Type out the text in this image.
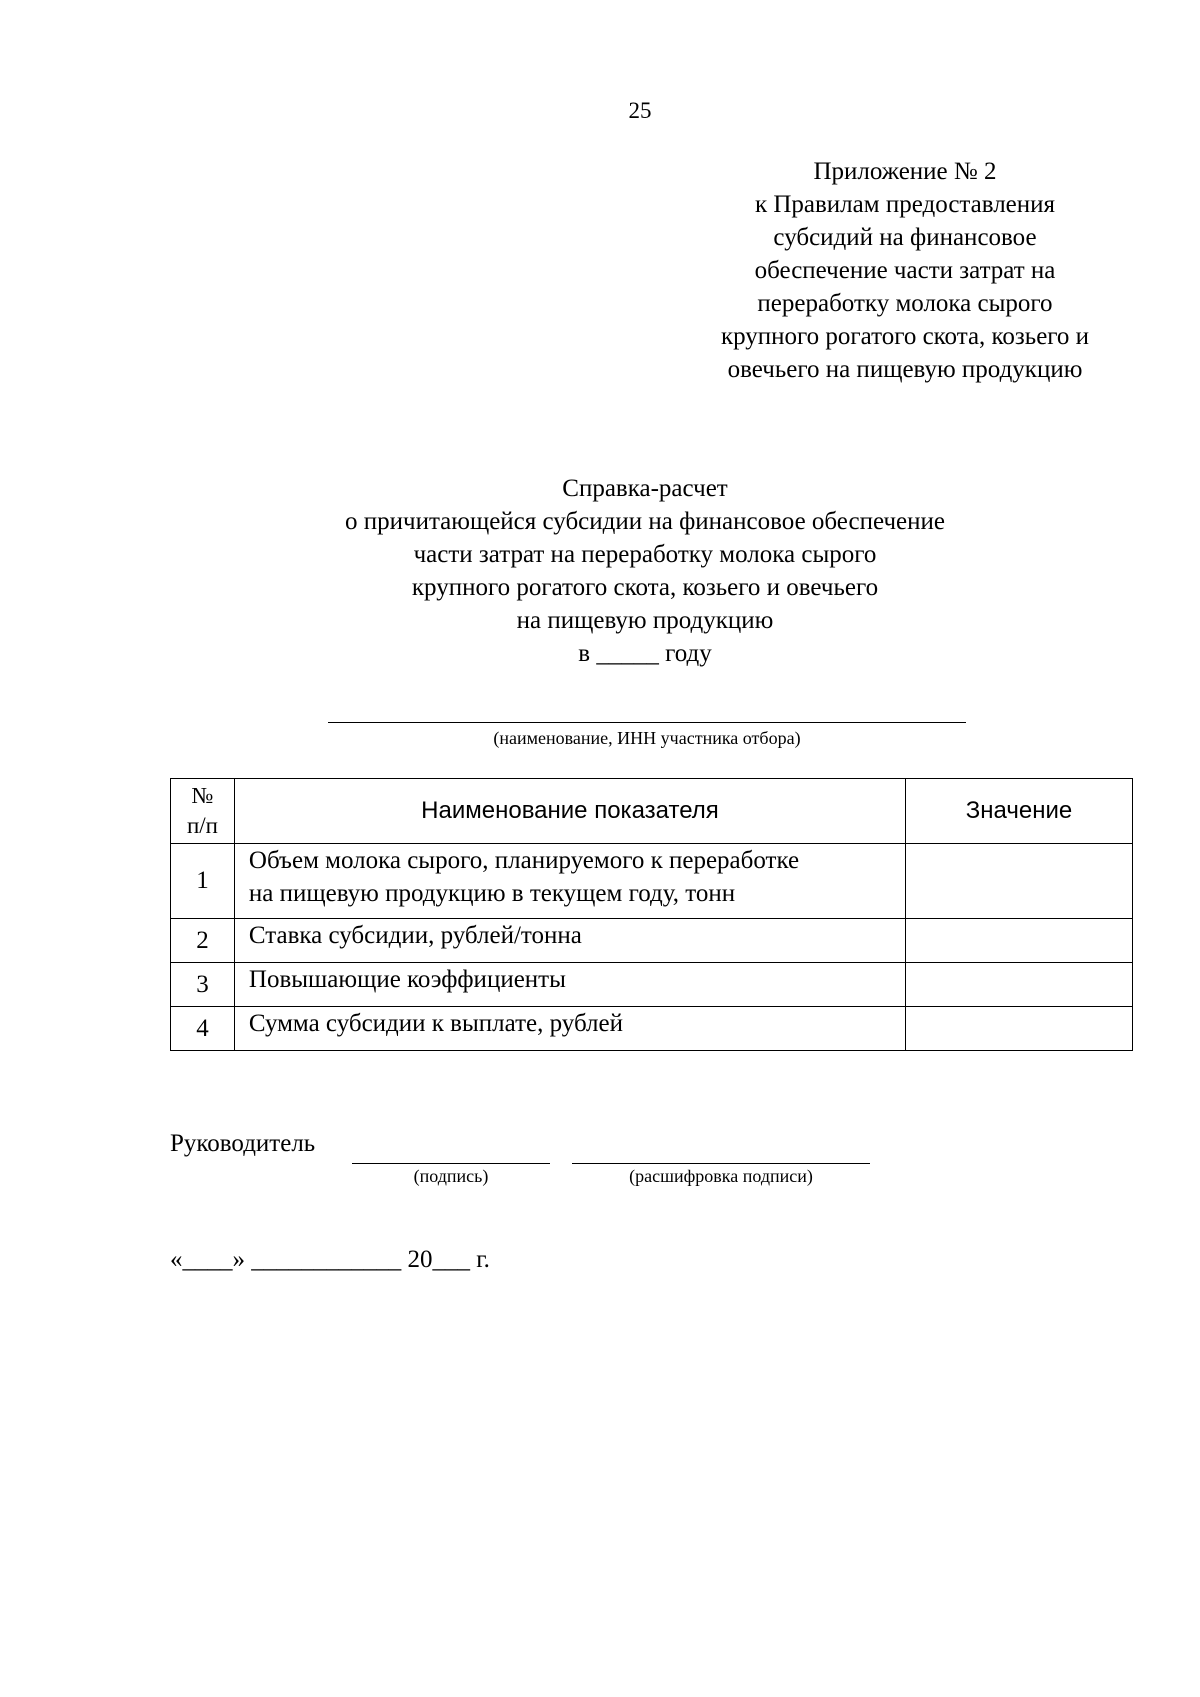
25
Приложение № 2
к Правилам предоставления
субсидий на финансовое
обеспечение части затрат на
переработку молока сырого
крупного рогатого скота, козьего и
овечьего на пищевую продукцию
Справка-расчет
о причитающейся субсидии на финансовое обеспечение
части затрат на переработку молока сырого
крупного рогатого скота, козьего и овечьего
на пищевую продукцию
в _____ году
(наименование, ИНН участника отбора)
№
п/п	Наименование показателя	Значение
1	Объем молока сырого, планируемого к переработке
на пищевую продукцию в текущем году, тонн	

2	Ставка субсидии, рублей/тонна	

3	Повышающие коэффициенты	

4	Сумма субсидии к выплате, рублей	

Руководитель
(подпись)	(расшифровка подписи)
«____» ____________ 20___ г.
